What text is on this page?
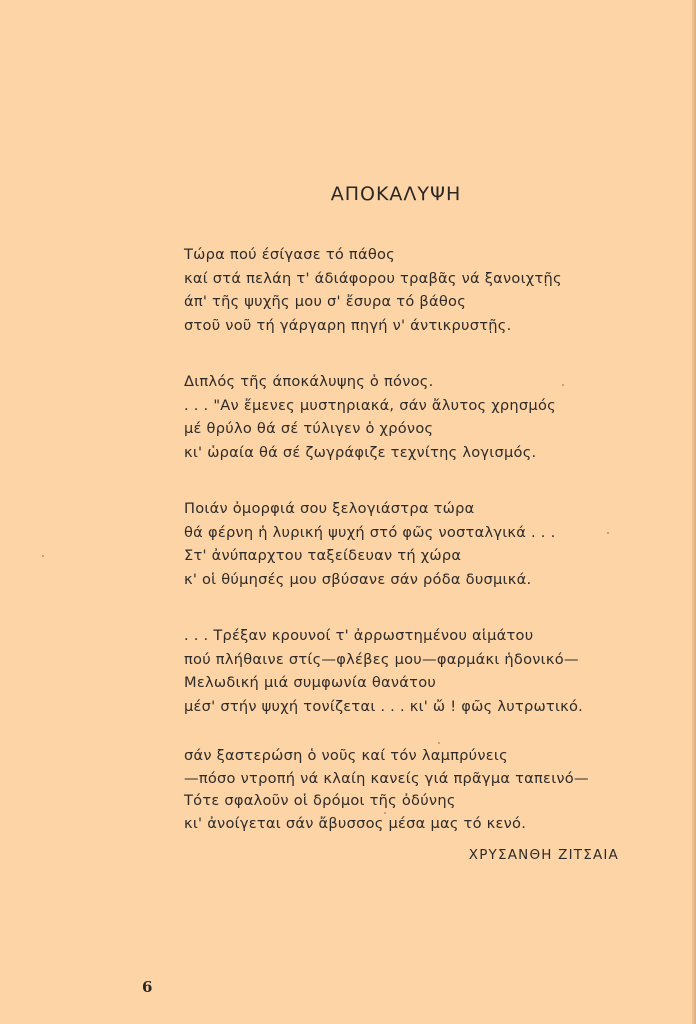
ΑΠΟΚΑΛΥΨΗ
Τώρα πού έσίγασε τό πάθος
καί στά πελάη τ' άδιάφορου τραβᾶς νά ξανοιχτῇς
άπ' τῆς ψυχῆς μου σ' ἔσυρα τό βάθος
στοῦ νοῦ τή γάργαρη πηγή ν' άντικρυστῇς.
Διπλός τῆς άποκάλυψης ὁ πόνος.
. . . "Αν ἔμενες μυστηριακά, σάν ἄλυτος χρησμός
μέ θρύλο θά σέ τύλιγεν ὁ χρόνος
κι' ὡραία θά σέ ζωγράφιζε τεχνίτης λογισμός.
Ποιάν ὀμορφιά σου ξελογιάστρα τώρα
θά φέρνη ἡ λυρική ψυχή στό φῶς νοσταλγικά . . .
Στ' ἀνύπαρχτου ταξείδευαν τή χώρα
κ' οἱ θύμησές μου σβύσανε σάν ρόδα δυσμικά.
. . . Τρέξαν κρουνοί τ' ἀρρωστημένου αἱμάτου
πού πλήθαινε στίς—φλέβες μου—φαρμάκι ἡδονικό—
Μελωδική μιά συμφωνία θανάτου
μέσ' στήν ψυχή τονίζεται . . . κι' ὤ ! φῶς λυτρωτικό.
σάν ξαστερώση ὁ νοῦς καί τόν λαμπρύνεις
—πόσο ντροπή νά κλαίη κανείς γιά πρᾶγμα ταπεινό—
Τότε σφαλοῦν οἱ δρόμοι τῆς ὀδύνης
κι' ἀνοίγεται σάν ἄβυσσος μέσα μας τό κενό.
ΧΡΥΣΑΝΘΗ ΖΙΤΣΑΙΑ
6
